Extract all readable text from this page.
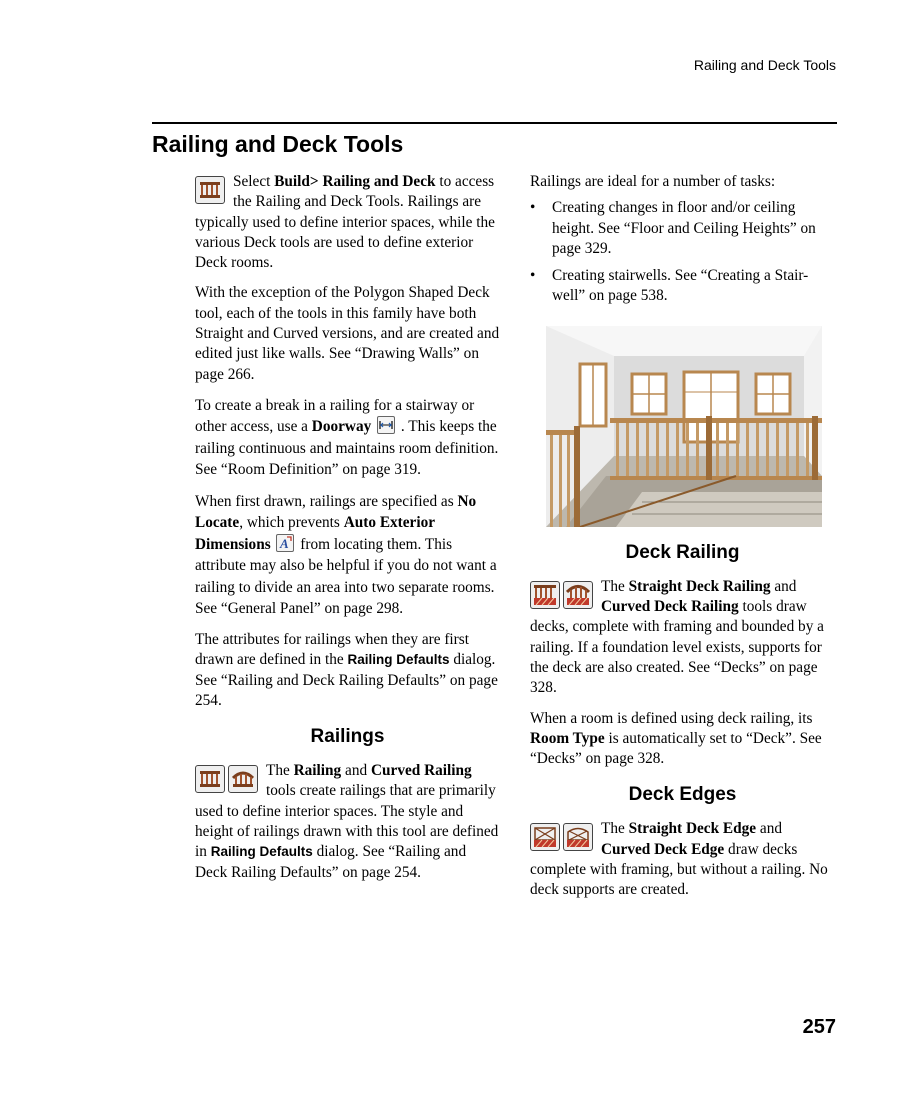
Railing and Deck Tools
Railing and Deck Tools

Select Build> Railing and Deck to access the Railing and Deck Tools. Railings are typically used to define interior spaces, while the various Deck tools are used to define exterior Deck rooms.

With the exception of the Polygon Shaped Deck tool, each of the tools in this family have both Straight and Curved versions, and are created and edited just like walls. See “Drawing Walls” on page 266.

To create a break in a railing for a stairway or other access, use a Doorway
. This keeps the railing continuous and maintains room definition. See “Room Definition” on page 319.

When first drawn, railings are specified as No Locate, which prevents Auto Exterior Dimensions A from locating them. This attribute may also be helpful if you do not want a railing to divide an area into two separate rooms. See “General Panel” on page 298.

The attributes for railings when they are first drawn are defined in the Railing Defaults dialog. See “Railing and Deck Railing Defaults” on page 254.

Railings

The Railing and Curved Railing tools create railings that are primarily used to define interior spaces. The style and height of railings drawn with this tool are defined in Railing Defaults dialog. See “Railing and Deck Railing Defaults” on page 254.

Railings are ideal for a number of tasks:

• Creating changes in floor and/or ceiling height. See “Floor and Ceiling Heights” on page 329.
• Creating stairwells. See “Creating a Stair-well” on page 538.
Deck Railing

The Straight Deck Railing and Curved Deck Railing tools draw decks, complete with framing and bounded by a railing. If a foundation level exists, supports for the deck are also created. See “Decks” on page 328.

When a room is defined using deck railing, its Room Type is automatically set to “Deck”. See “Decks” on page 328.

Deck Edges

The Straight Deck Edge and Curved Deck Edge draw decks complete with framing, but without a railing. No deck supports are created.

257
